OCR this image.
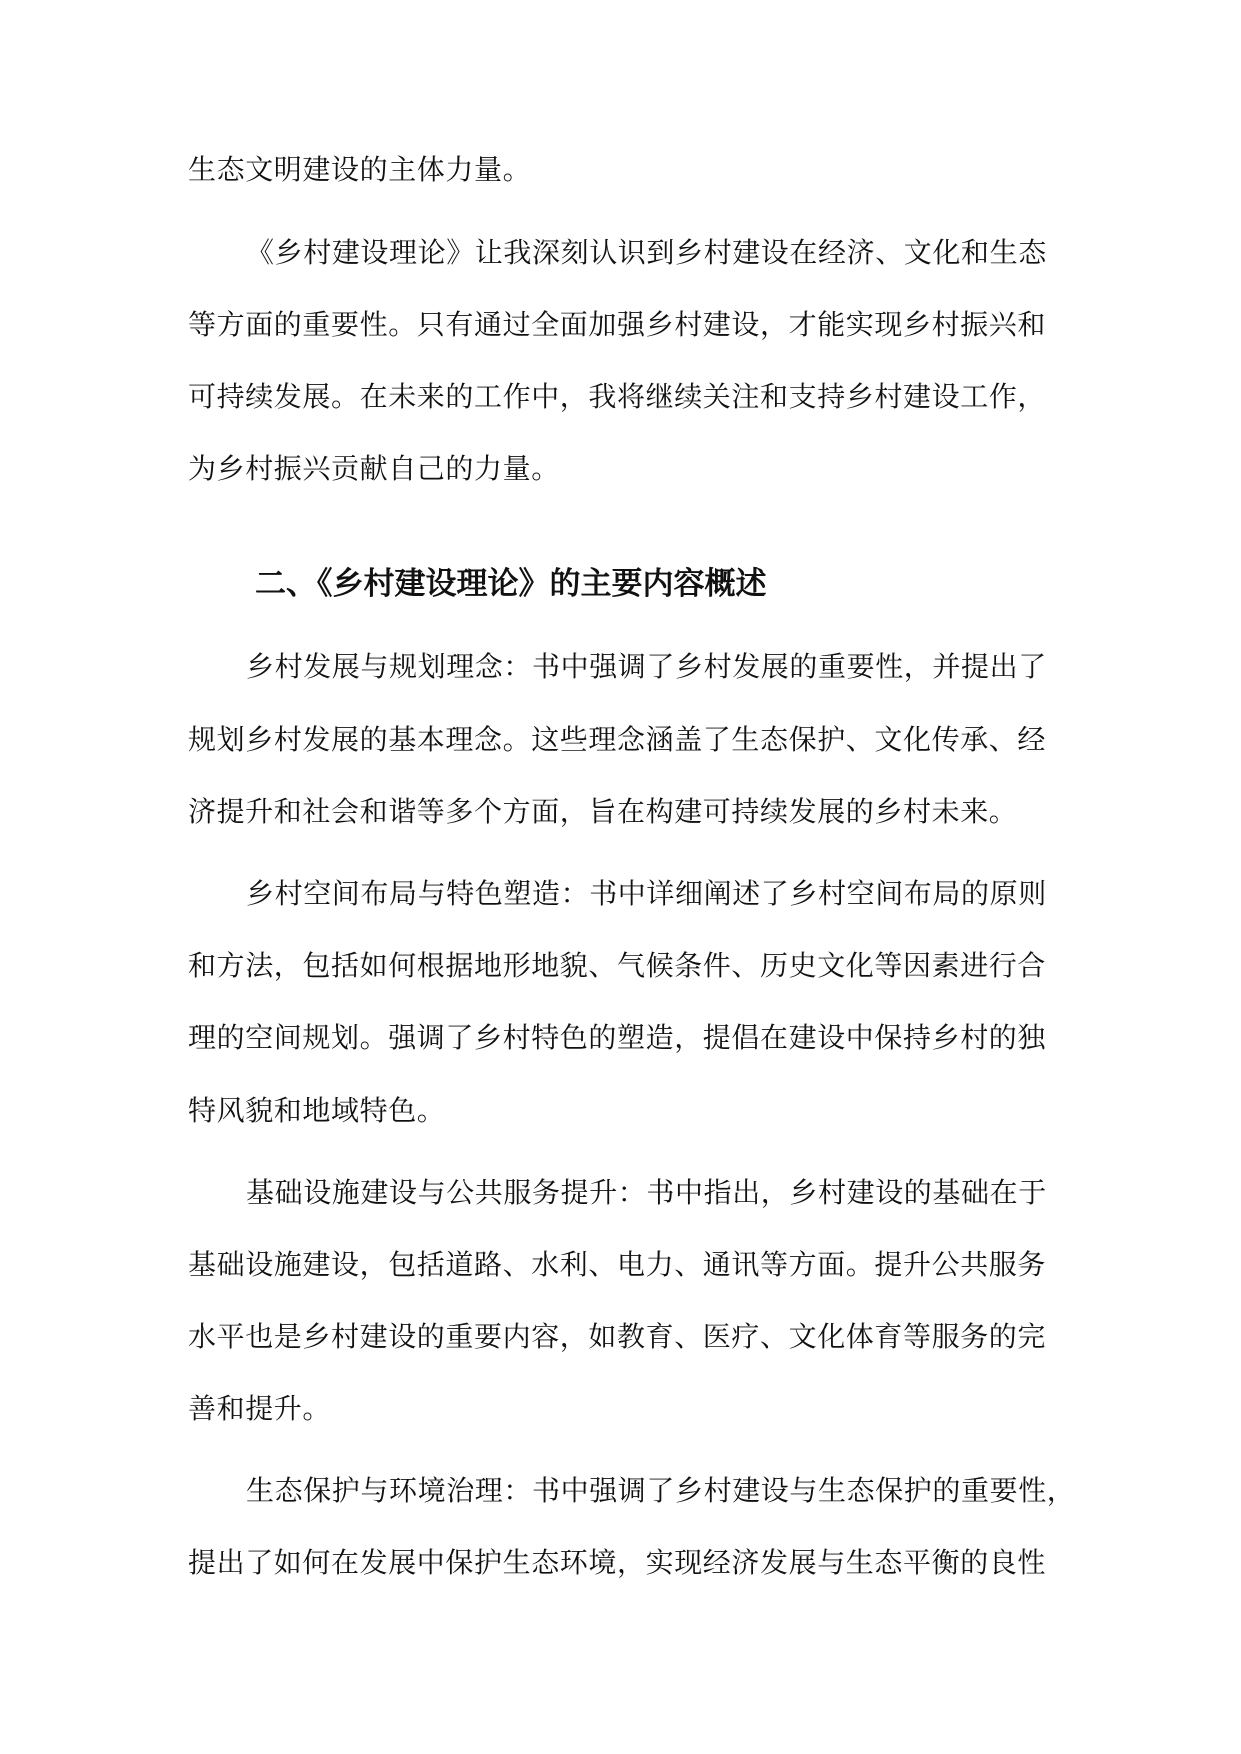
生态文明建设的主体力量。
《乡村建设理论》让我深刻认识到乡村建设在经济、文化和生态
等方面的重要性。只有通过全面加强乡村建设，才能实现乡村振兴和
可持续发展。在未来的工作中，我将继续关注和支持乡村建设工作，
为乡村振兴贡献自己的力量。
二、《乡村建设理论》的主要内容概述
乡村发展与规划理念：书中强调了乡村发展的重要性，并提出了
规划乡村发展的基本理念。这些理念涵盖了生态保护、文化传承、经
济提升和社会和谐等多个方面，旨在构建可持续发展的乡村未来。
乡村空间布局与特色塑造：书中详细阐述了乡村空间布局的原则
和方法，包括如何根据地形地貌、气候条件、历史文化等因素进行合
理的空间规划。强调了乡村特色的塑造，提倡在建设中保持乡村的独
特风貌和地域特色。
基础设施建设与公共服务提升：书中指出，乡村建设的基础在于
基础设施建设，包括道路、水利、电力、通讯等方面。提升公共服务
水平也是乡村建设的重要内容，如教育、医疗、文化体育等服务的完
善和提升。
生态保护与环境治理：书中强调了乡村建设与生态保护的重要性，
提出了如何在发展中保护生态环境，实现经济发展与生态平衡的良性
